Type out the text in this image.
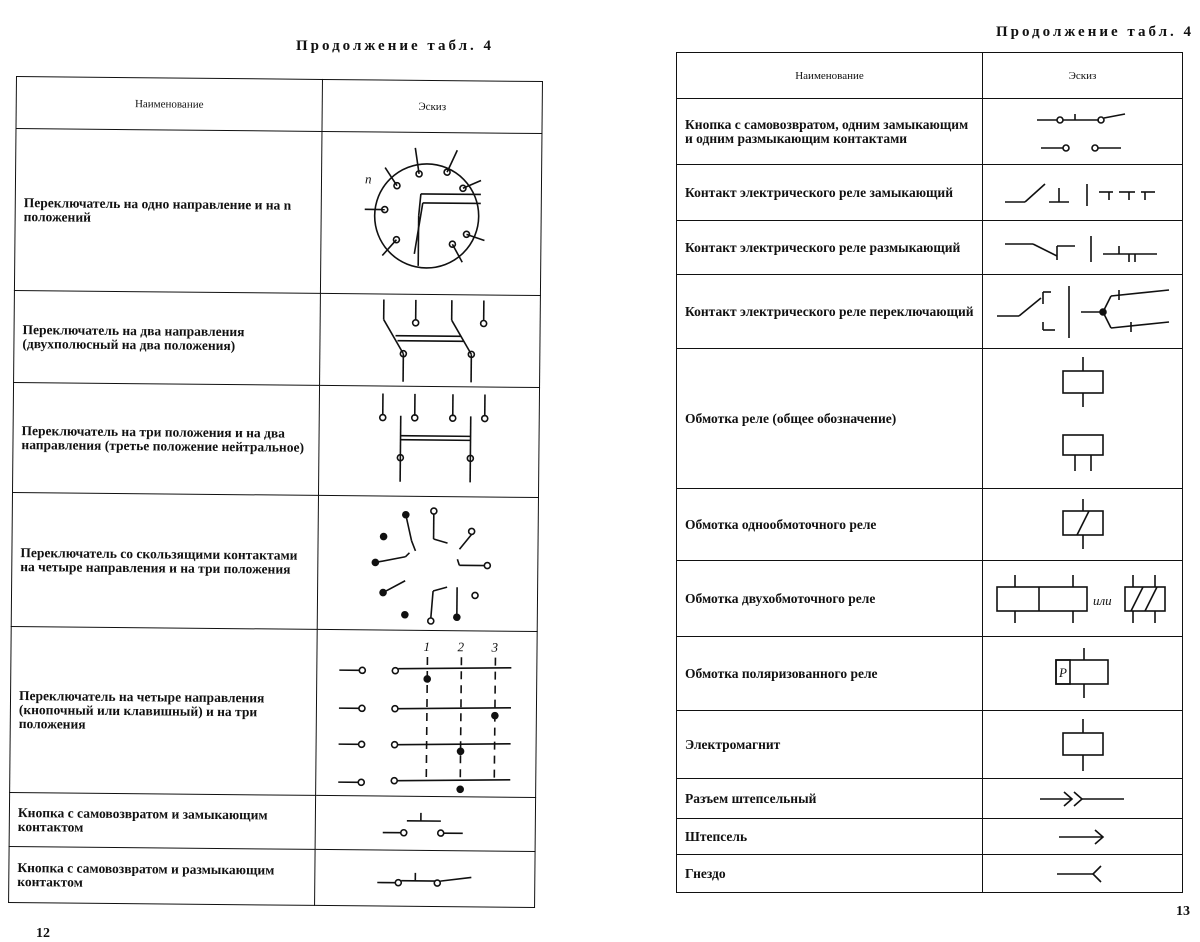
Продолжение табл. 4
Наименование	Эскиз
Переключатель на одно направление и на n положений	n

Переключатель на два направления (двухполюсный на два положения)	

Переключатель на три положения и на два направления (третье положение нейтральное)	

Переключатель со скользящими контактами на четыре направления и на три положения	

Переключатель на четыре направления (кнопочный или клавишный) и на три положения	1 2 3

Кнопка с самовозвратом и замыкающим контактом	

Кнопка с самовозвратом и размыкающим контактом	
12
Продолжение табл. 4
Наименование	Эскиз
Кнопка с самовозвратом, одним замыкающим и одним размыкающим контактами	

Контакт электрического реле замыкающий	

Контакт электрического реле размыкающий	

Контакт электрического реле переключающий	

Обмотка реле (общее обозначение)	

Обмотка однообмоточного реле	

Обмотка двухобмоточного реле	или

Обмотка поляризованного реле	P

Электромагнит	

Разъем штепсельный	

Штепсель	

Гнездо	
13
